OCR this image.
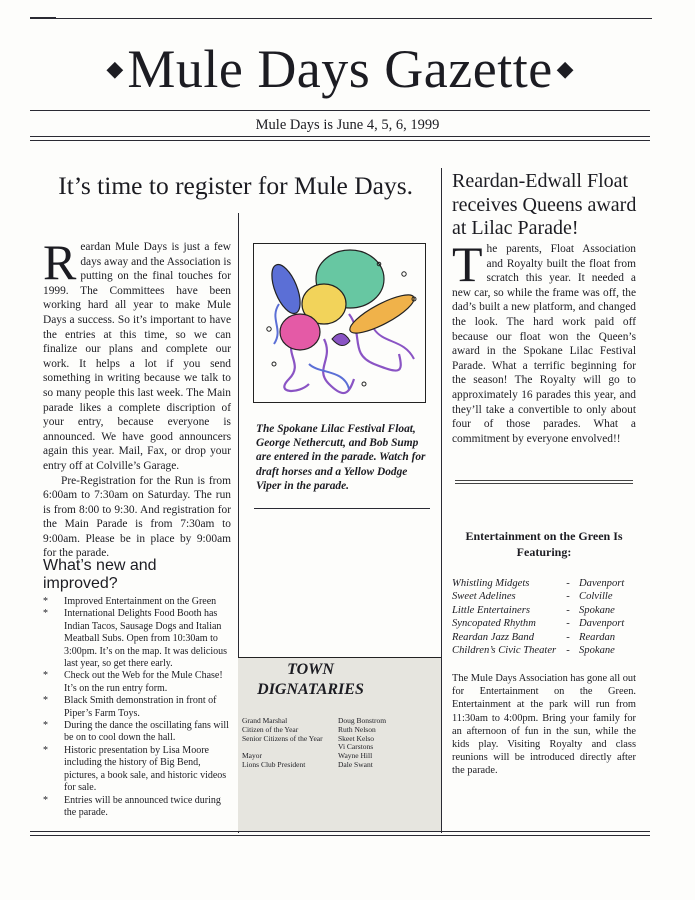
◆ Mule Days Gazette ◆
Mule Days is June 4, 5, 6, 1999
It’s time to register for Mule Days.
Reardan Mule Days is just a few days away and the Association is putting on the final touches for 1999. The Committees have been working hard all year to make Mule Days a success. So it’s important to have the entries at this time, so we can finalize our plans and complete our work. It helps a lot if you send something in writing because we talk to so many people this last week. The Main parade likes a complete discription of your entry, because everyone is announced. We have good announcers again this year. Mail, Fax, or drop your entry off at Colville’s Garage.
Pre-Registration for the Run is from 6:00am to 7:30am on Saturday. The run is from 8:00 to 9:30. And registration for the Main Parade is from 7:30am to 9:00am. Please be in place by 9:00am for the parade.
What’s new and improved?
*	Improved Entertainment on the Green
*	International Delights Food Booth has Indian Tacos, Sausage Dogs and Italian Meatball Subs. Open from 10:30am to 3:00pm. It’s on the map. It was delicious last year, so get there early.
*	Check out the Web for the Mule Chase! It’s on the run entry form.
*	Black Smith demonstration in front of Piper’s Farm Toys.
*	During the dance the oscillating fans will be on to cool down the hall.
*	Historic presentation by Lisa Moore including the history of Big Bend, pictures, a book sale, and historic videos for sale.
*	Entries will be announced twice during the parade.
The Spokane Lilac Festival Float, George Nethercutt, and Bob Sump are entered in the parade. Watch for draft horses and a Yellow Dodge Viper in the parade.
TOWN DIGNATARIES
Grand Marshal	Doug Bonstrom
Citizen of the Year	Ruth Nelson
Senior Citizens of the Year	Skeet Kelso
Vi Carstons
Mayor	Wayne Hill
Lions Club President	Dale Swant
Reardan-Edwall Float receives Queens award at Lilac Parade!
The parents, Float Association and Royalty built the float from scratch this year. It needed a new car, so while the frame was off, the dad’s built a new platform, and changed the look. The hard work paid off because our float won the Queen’s award in the Spokane Lilac Festival Parade. What a terrific beginning for the season! The Royalty will go to approximately 16 parades this year, and they’ll take a convertible to only about four of those parades. What a commitment by everyone envolved!!
Entertainment on the Green Is Featuring:
Whistling Midgets	- Davenport
Sweet Adelines	- Colville
Little Entertainers	- Spokane
Syncopated Rhythm	- Davenport
Reardan Jazz Band	- Reardan
Children’s Civic Theater - Spokane
The Mule Days Association has gone all out for Entertainment on the Green. Entertainment at the park will run from 11:30am to 4:00pm. Bring your family for an afternoon of fun in the sun, while the kids play. Visiting Royalty and class reunions will be introduced directly after the parade.
